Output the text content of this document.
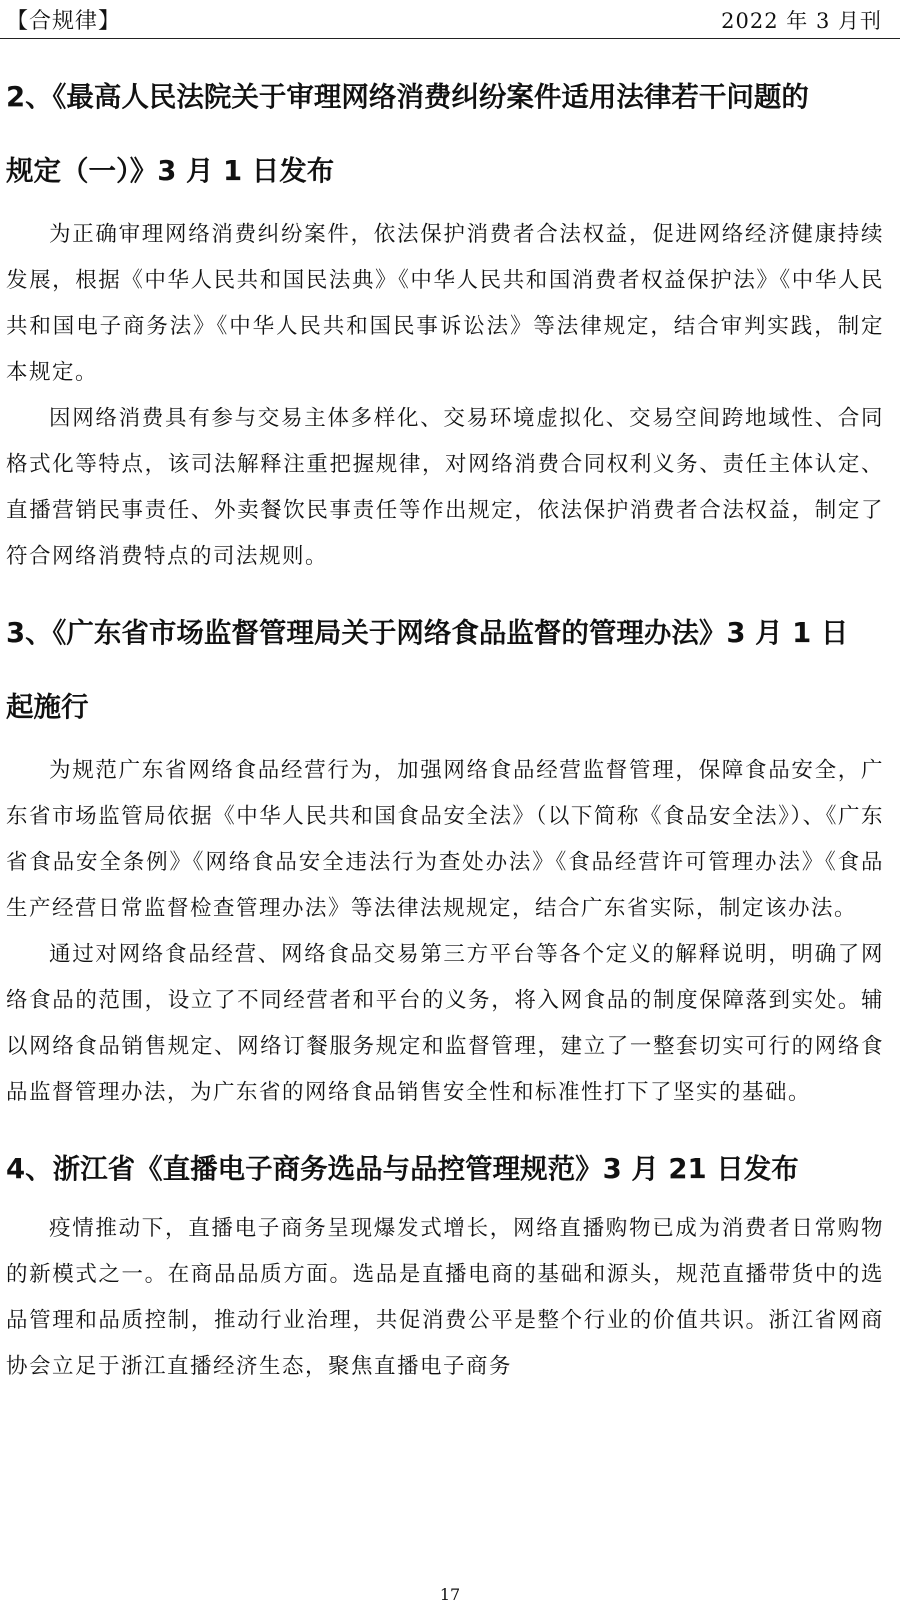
【合规律】	2022 年 3 月刊
2、《最高人民法院关于审理网络消费纠纷案件适用法律若干问题的
规定（一）》3 月 1 日发布

为正确审理网络消费纠纷案件，依法保护消费者合法权益，促进网络经济健康持续发展，根据《中华人民共和国民法典》《中华人民共和国消费者权益保护法》《中华人民共和国电子商务法》《中华人民共和国民事诉讼法》等法律规定，结合审判实践，制定本规定。

因网络消费具有参与交易主体多样化、交易环境虚拟化、交易空间跨地域性、合同格式化等特点，该司法解释注重把握规律，对网络消费合同权利义务、责任主体认定、直播营销民事责任、外卖餐饮民事责任等作出规定，依法保护消费者合法权益，制定了符合网络消费特点的司法规则。

3、《广东省市场监督管理局关于网络食品监督的管理办法》3 月 1 日
起施行

为规范广东省网络食品经营行为，加强网络食品经营监督管理，保障食品安全，广东省市场监管局依据《中华人民共和国食品安全法》（以下简称《食品安全法》）、《广东省食品安全条例》《网络食品安全违法行为查处办法》《食品经营许可管理办法》《食品生产经营日常监督检查管理办法》等法律法规规定，结合广东省实际，制定该办法。

通过对网络食品经营、网络食品交易第三方平台等各个定义的解释说明，明确了网络食品的范围，设立了不同经营者和平台的义务，将入网食品的制度保障落到实处。辅以网络食品销售规定、网络订餐服务规定和监督管理，建立了一整套切实可行的网络食品监督管理办法，为广东省的网络食品销售安全性和标准性打下了坚实的基础。

4、浙江省《直播电子商务选品与品控管理规范》3 月 21 日发布

疫情推动下，直播电子商务呈现爆发式增长，网络直播购物已成为消费者日常购物的新模式之一。在商品品质方面。选品是直播电商的基础和源头，规范直播带货中的选品管理和品质控制，推动行业治理，共促消费公平是整个行业的价值共识。浙江省网商协会立足于浙江直播经济生态，聚焦直播电子商务

17
